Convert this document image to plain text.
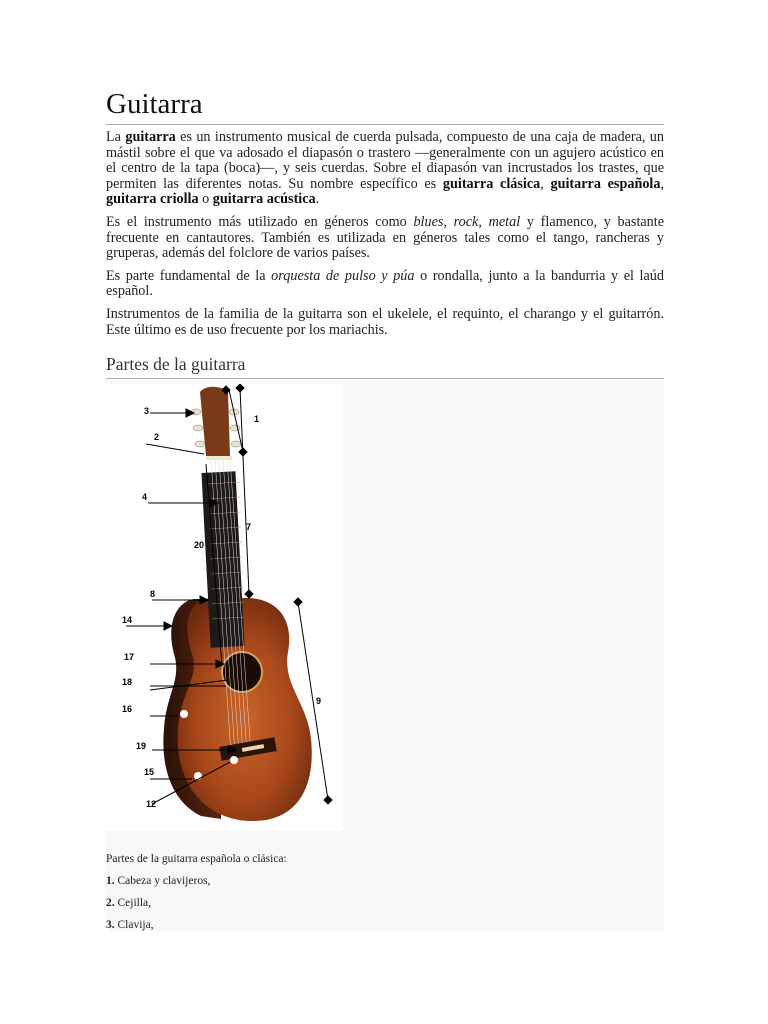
Guitarra

La guitarra es un instrumento musical de cuerda pulsada, compuesto de una caja de madera, un mástil sobre el que va adosado el diapasón o trastero —generalmente con un agujero acústico en el centro de la tapa (boca)—, y seis cuerdas. Sobre el diapasón van incrustados los trastes, que permiten las diferentes notas. Su nombre específico es guitarra clásica, guitarra española, guitarra criolla o guitarra acústica.

Es el instrumento más utilizado en géneros como blues, rock, metal y flamenco, y bastante frecuente en cantautores. También es utilizada en géneros tales como el tango, rancheras y gruperas, además del folclore de varios países.

Es parte fundamental de la orquesta de pulso y púa o rondalla, junto a la bandurria y el laúd español.

Instrumentos de la familia de la guitarra son el ukelele, el requinto, el charango y el guitarrón. Este último es de uso frecuente por los mariachis.

Partes de la guitarra
1
2
3
4
7
20
8
14
17
18
16
9
19
15
12
Partes de la guitarra española o clásica:
1. Cabeza y clavijeros,
2. Cejilla,
3. Clavija,
